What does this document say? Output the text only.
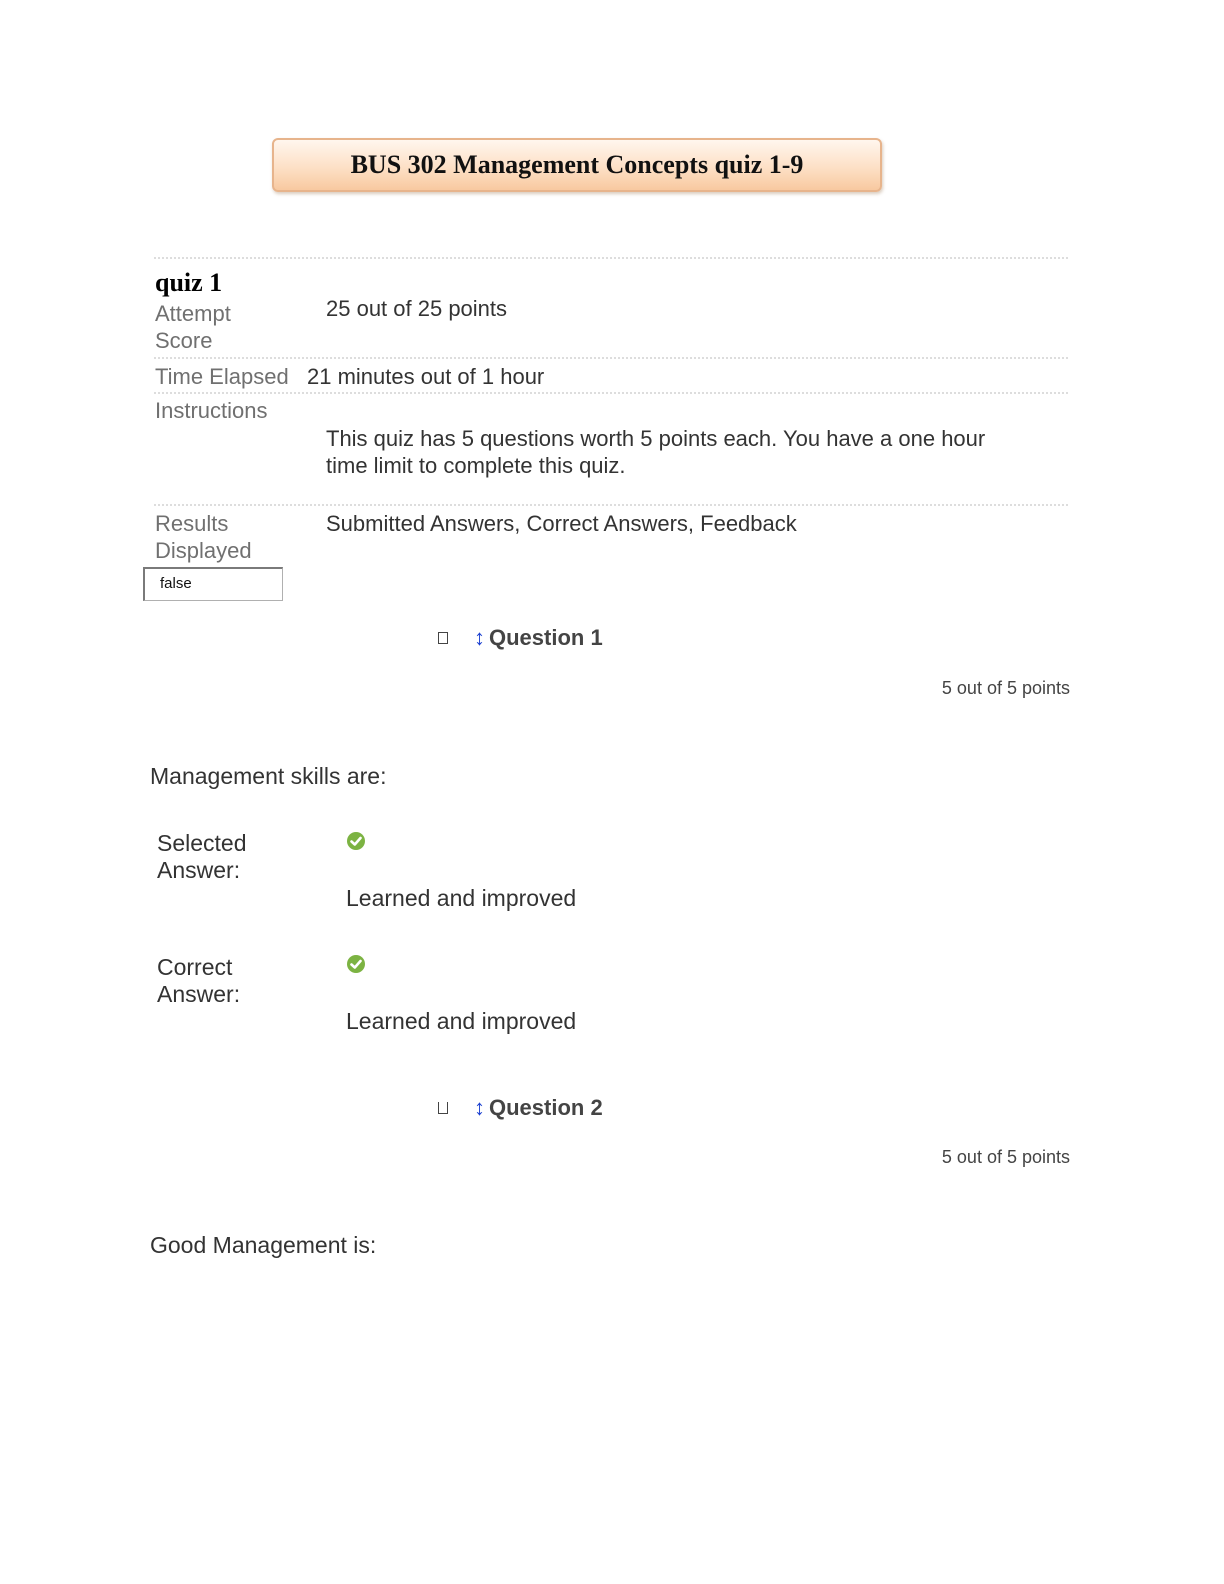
BUS 302 Management Concepts quiz 1-9
quiz 1
Attempt
Score
25 out of 25 points
Time Elapsed 21 minutes out of 1 hour
Instructions
This quiz has 5 questions worth 5 points each. You have a one hour
time limit to complete this quiz.
Results
Displayed
Submitted Answers, Correct Answers, Feedback
false
↕ Question 1
5 out of 5 points
Management skills are:
Selected
Answer:
Learned and improved
Correct
Answer:
Learned and improved
↕ Question 2
5 out of 5 points
Good Management is:
